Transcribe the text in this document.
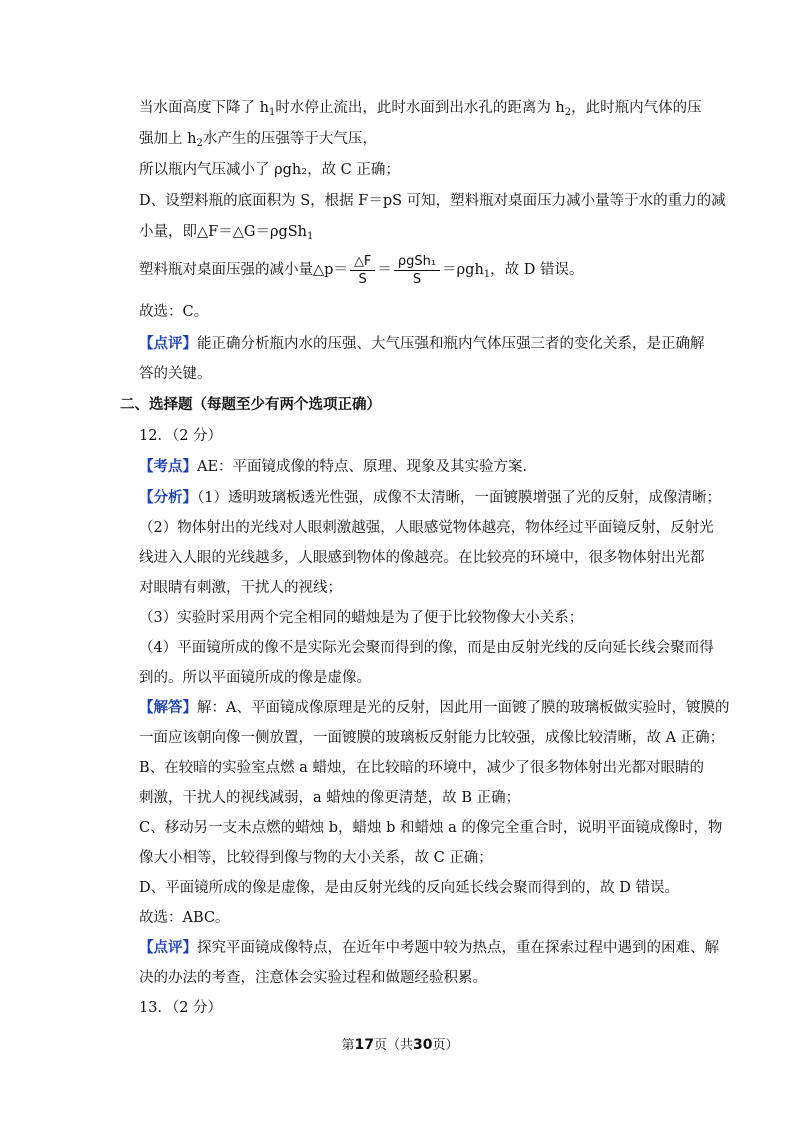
当水面高度下降了 $h_1$时水停止流出，此时水面到出水孔的距离为 $h_2$，此时瓶内气体的压
强加上 $h_2$水产生的压强等于大气压，
所以瓶内气压减小了 ρgh₂，故 C 正确；
D、设塑料瓶的底面积为 S，根据 F＝pS 可知，塑料瓶对桌面压力减小量等于水的重力的减
小量，即△F＝△G＝ρgSh$_1$
塑料瓶对桌面压强的减小量△p＝ $\frac{\triangle F}{S} = \frac{\text{ρgSh₁}}{S} =\rho gh_1$，故 D 错误。
故选：C。
【点评】能正确分析瓶内水的压强、大气压强和瓶内气体压强三者的变化关系，是正确解
答的关键。
二、选择题（每题至少有两个选项正确）
12．（2 分）
【考点】AE：平面镜成像的特点、原理、现象及其实验方案.
【分析】（1）透明玻璃板透光性强，成像不太清晰，一面镀膜增强了光的反射，成像清晰；
（2）物体射出的光线对人眼刺激越强，人眼感觉物体越亮，物体经过平面镜反射，反射光
线进入人眼的光线越多，人眼感到物体的像越亮。在比较亮的环境中，很多物体射出光都
对眼睛有刺激，干扰人的视线；
（3）实验时采用两个完全相同的蜡烛是为了便于比较物像大小关系；
（4）平面镜所成的像不是实际光会聚而得到的像，而是由反射光线的反向延长线会聚而得
到的。所以平面镜所成的像是虚像。
【解答】解：A、平面镜成像原理是光的反射，因此用一面镀了膜的玻璃板做实验时，镀膜的
一面应该朝向像一侧放置，一面镀膜的玻璃板反射能力比较强，成像比较清晰，故 A 正确；
B、在较暗的实验室点燃 a 蜡烛，在比较暗的环境中，减少了很多物体射出光都对眼睛的
刺激，干扰人的视线减弱，a 蜡烛的像更清楚，故 B 正确；
C、移动另一支未点燃的蜡烛 b，蜡烛 b 和蜡烛 a 的像完全重合时，说明平面镜成像时，物
像大小相等，比较得到像与物的大小关系，故 C 正确；
D、平面镜所成的像是虚像，是由反射光线的反向延长线会聚而得到的，故 D 错误。
故选：ABC。
【点评】探究平面镜成像特点，在近年中考题中较为热点，重在探索过程中遇到的困难、解
决的办法的考查，注意体会实验过程和做题经验积累。
13．（2 分）
第17页（共30页）
